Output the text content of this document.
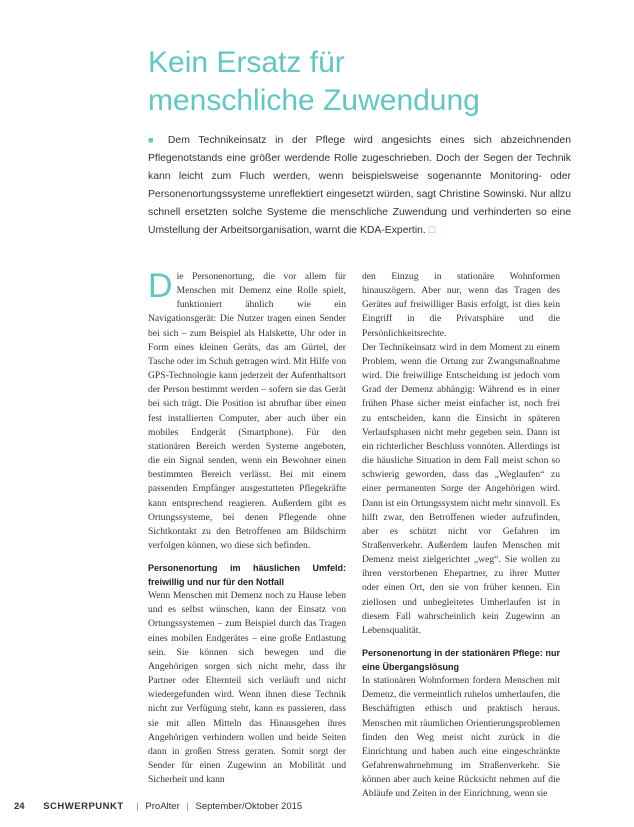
Kein Ersatz für
menschliche Zuwendung
■ Dem Technikeinsatz in der Pflege wird angesichts eines sich abzeichnenden Pflegenotstands eine größer werdende Rolle zugeschrieben. Doch der Segen der Technik kann leicht zum Fluch werden, wenn beispielsweise sogenannte Monitoring- oder Personenortungssysteme unreflektiert eingesetzt würden, sagt Christine Sowinski. Nur allzu schnell ersetzten solche Systeme die menschliche Zuwendung und verhinderten so eine Umstellung der Arbeitsorganisation, warnt die KDA-Expertin. □

D ie Personenortung, die vor allem für Menschen mit Demenz eine Rolle spielt, funktioniert ähnlich wie ein Navigationsgerät: Die Nutzer tragen einen Sender bei sich – zum Beispiel als Halskette, Uhr oder in Form eines kleinen Geräts, das am Gürtel, der Tasche oder im Schuh getragen wird. Mit Hilfe von GPS-Technologie kann jederzeit der Aufenthaltsort der Person bestimmt werden – sofern sie das Gerät bei sich trägt. Die Position ist abrufbar über einen fest installierten Computer, aber auch über ein mobiles Endgerät (Smartphone). Für den stationären Bereich werden Systeme angeboten, die ein Signal senden, wenn ein Bewohner einen bestimmten Bereich verlässt. Bei mit einem passenden Empfänger ausgestatteten Pflegekräfte kann entsprechend reagieren. Außerdem gibt es Ortungssysteme, bei denen Pflegende ohne Sichtkontakt zu den Betroffenen am Bildschirm verfolgen können, wo diese sich befinden.

Personenortung im häuslichen Umfeld: freiwillig und nur für den Notfall

Wenn Menschen mit Demenz noch zu Hause leben und es selbst wünschen, kann der Einsatz von Ortungssystemen – zum Beispiel durch das Tragen eines mobilen Endgerätes – eine große Entlastung sein. Sie können sich bewegen und die Angehörigen sorgen sich nicht mehr, dass ihr Partner oder Elternteil sich verläuft und nicht wiedergefunden wird. Wenn ihnen diese Technik nicht zur Verfügung steht, kann es passieren, dass sie mit allen Mitteln das Hinausgehen ihres Angehörigen verhindern wollen und beide Seiten dann in großen Stress geraten. Somit sorgt der Sender für einen Zugewinn an Mobilität und Sicherheit und kann

den Einzug in stationäre Wohnformen hinauszögern. Aber nur, wenn das Tragen des Gerätes auf freiwilliger Basis erfolgt, ist dies kein Eingriff in die Privatsphäre und die Persönlichkeitsrechte.

Der Technikeinsatz wird in dem Moment zu einem Problem, wenn die Ortung zur Zwangsmaßnahme wird. Die freiwillige Entscheidung ist jedoch vom Grad der Demenz abhängig: Während es in einer frühen Phase sicher meist einfacher ist, noch frei zu entscheiden, kann die Einsicht in späteren Verlaufsphasen nicht mehr gegeben sein. Dann ist ein richterlicher Beschluss vonnöten. Allerdings ist die häusliche Situation in dem Fall meist schon so schwierig geworden, dass das „Weglaufen“ zu einer permanenten Sorge der Angehörigen wird. Dann ist ein Ortungssystem nicht mehr sinnvoll. Es hilft zwar, den Betroffenen wieder aufzufinden, aber es schützt nicht vor Gefahren im Straßenverkehr. Außerdem laufen Menschen mit Demenz meist zielgerichtet „weg“. Sie wollen zu ihren verstorbenen Ehepartner, zu ihrer Mutter oder einen Ort, den sie von früher kennen. Ein ziellosen und unbegleitetes Umherlaufen ist in diesem Fall wahrscheinlich kein Zugewinn an Lebensqualität.

Personenortung in der stationären Pflege: nur eine Übergangslösung

In stationären Wohnformen fordern Menschen mit Demenz, die vermeintlich ruhelos umherlaufen, die Beschäftigten ethisch und praktisch heraus. Menschen mit räumlichen Orientierungsproblemen finden den Weg meist nicht zurück in die Einrichtung und haben auch eine eingeschränkte Gefahrenwahrnehmung im Straßenverkehr. Sie können aber auch keine Rücksicht nehmen auf die Abläufe und Zeiten in der Einrichtung, wenn sie

24 SCHWERPUNKT | ProAlter | September/Oktober 2015
